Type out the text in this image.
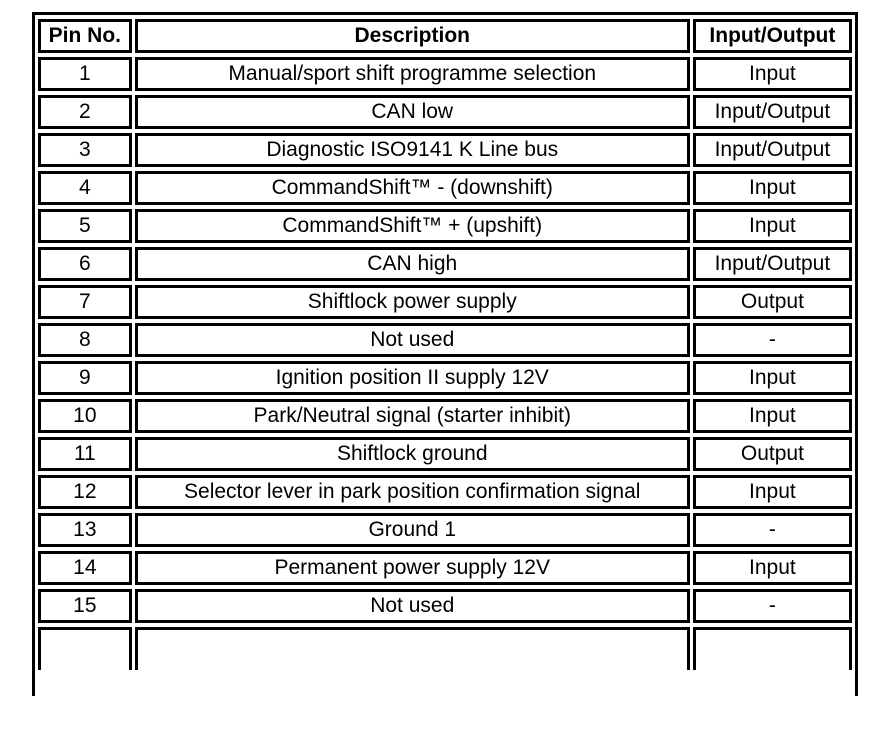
Pin No.	Description	Input/Output
1	Manual/sport shift programme selection	Input
2	CAN low	Input/Output
3	Diagnostic ISO9141 K Line bus	Input/Output
4	CommandShift™ - (downshift)	Input
5	CommandShift™ + (upshift)	Input
6	CAN high	Input/Output
7	Shiftlock power supply	Output
8	Not used	-
9	Ignition position II supply 12V	Input
10	Park/Neutral signal (starter inhibit)	Input
11	Shiftlock ground	Output
12	Selector lever in park position confirmation signal	Input
13	Ground 1	-
14	Permanent power supply 12V	Input
15	Not used	-
